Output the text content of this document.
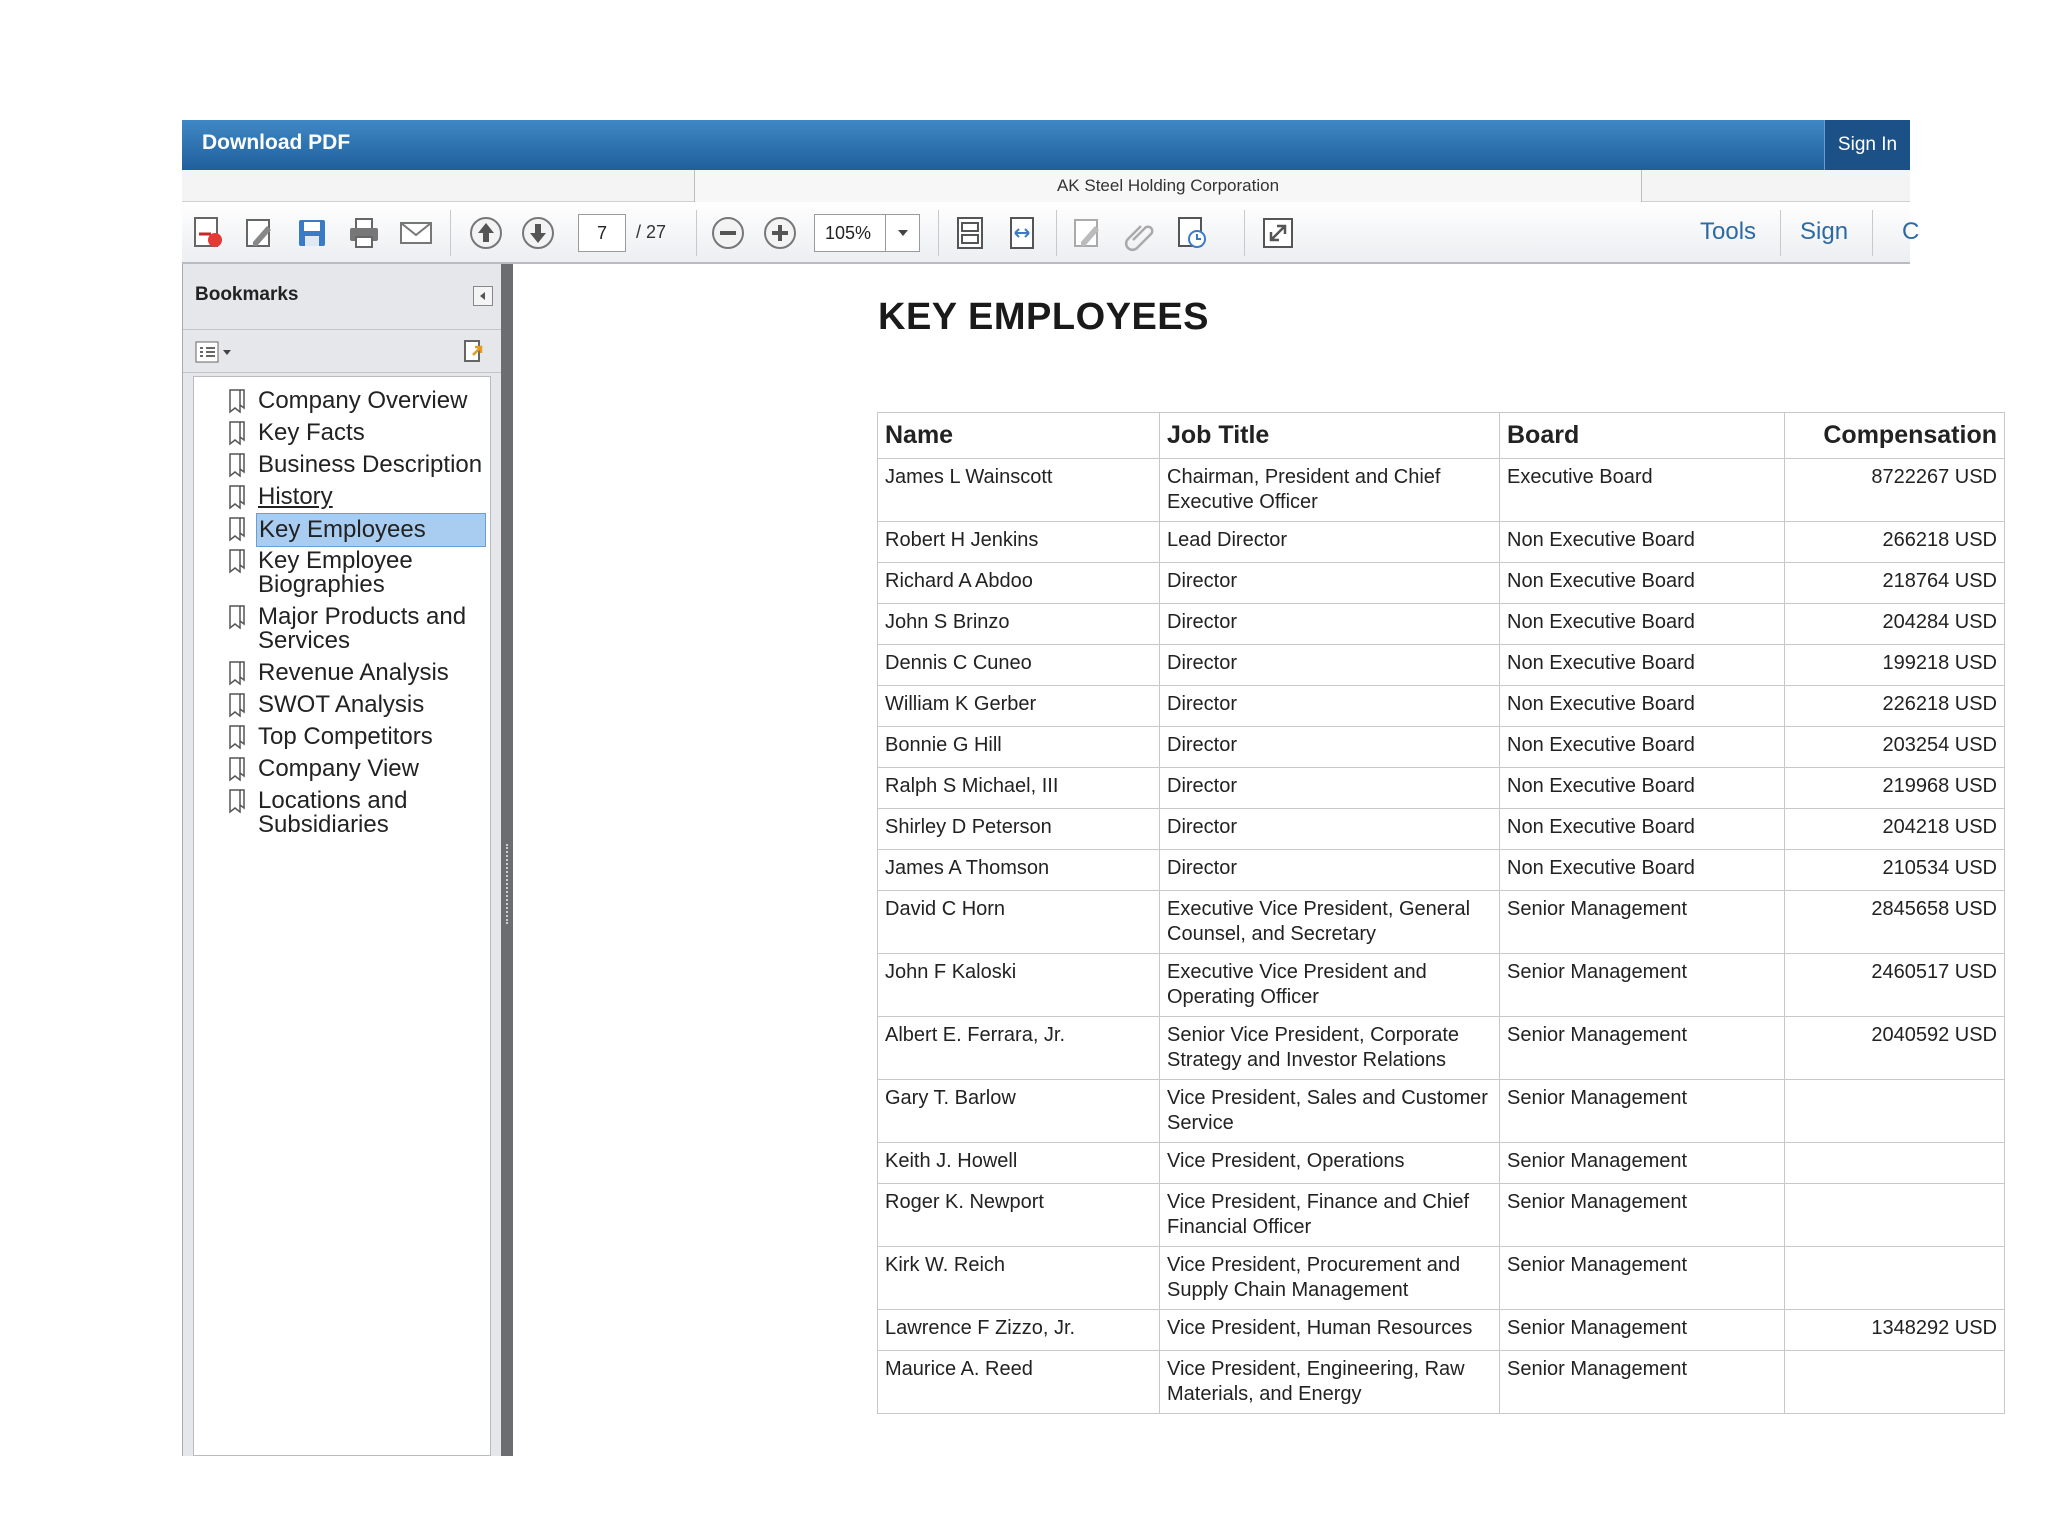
Download PDF	Sign In
AK Steel Holding Corporation
7	/ 27	105%	Tools Sign C
Bookmarks
Company Overview
Key Facts
Business Description
History
Key Employees
Key Employee
Biographies
Major Products and
Services
Revenue Analysis
SWOT Analysis
Top Competitors
Company View
Locations and
Subsidiaries
KEY EMPLOYEES
Name	Job Title	Board	Compensation
James L Wainscott	Chairman, President and Chief Executive Officer	Executive Board	8722267 USD
Robert H Jenkins	Lead Director	Non Executive Board	266218 USD
Richard A Abdoo	Director	Non Executive Board	218764 USD
John S Brinzo	Director	Non Executive Board	204284 USD
Dennis C Cuneo	Director	Non Executive Board	199218 USD
William K Gerber	Director	Non Executive Board	226218 USD
Bonnie G Hill	Director	Non Executive Board	203254 USD
Ralph S Michael, III	Director	Non Executive Board	219968 USD
Shirley D Peterson	Director	Non Executive Board	204218 USD
James A Thomson	Director	Non Executive Board	210534 USD
David C Horn	Executive Vice President, General Counsel, and Secretary	Senior Management	2845658 USD
John F Kaloski	Executive Vice President and Operating Officer	Senior Management	2460517 USD
Albert E. Ferrara, Jr.	Senior Vice President, Corporate Strategy and Investor Relations	Senior Management	2040592 USD
Gary T. Barlow	Vice President, Sales and Customer Service	Senior Management	
Keith J. Howell	Vice President, Operations	Senior Management	
Roger K. Newport	Vice President, Finance and Chief Financial Officer	Senior Management	
Kirk W. Reich	Vice President, Procurement and Supply Chain Management	Senior Management	
Lawrence F Zizzo, Jr.	Vice President, Human Resources	Senior Management	1348292 USD
Maurice A. Reed	Vice President, Engineering, Raw Materials, and Energy	Senior Management	
